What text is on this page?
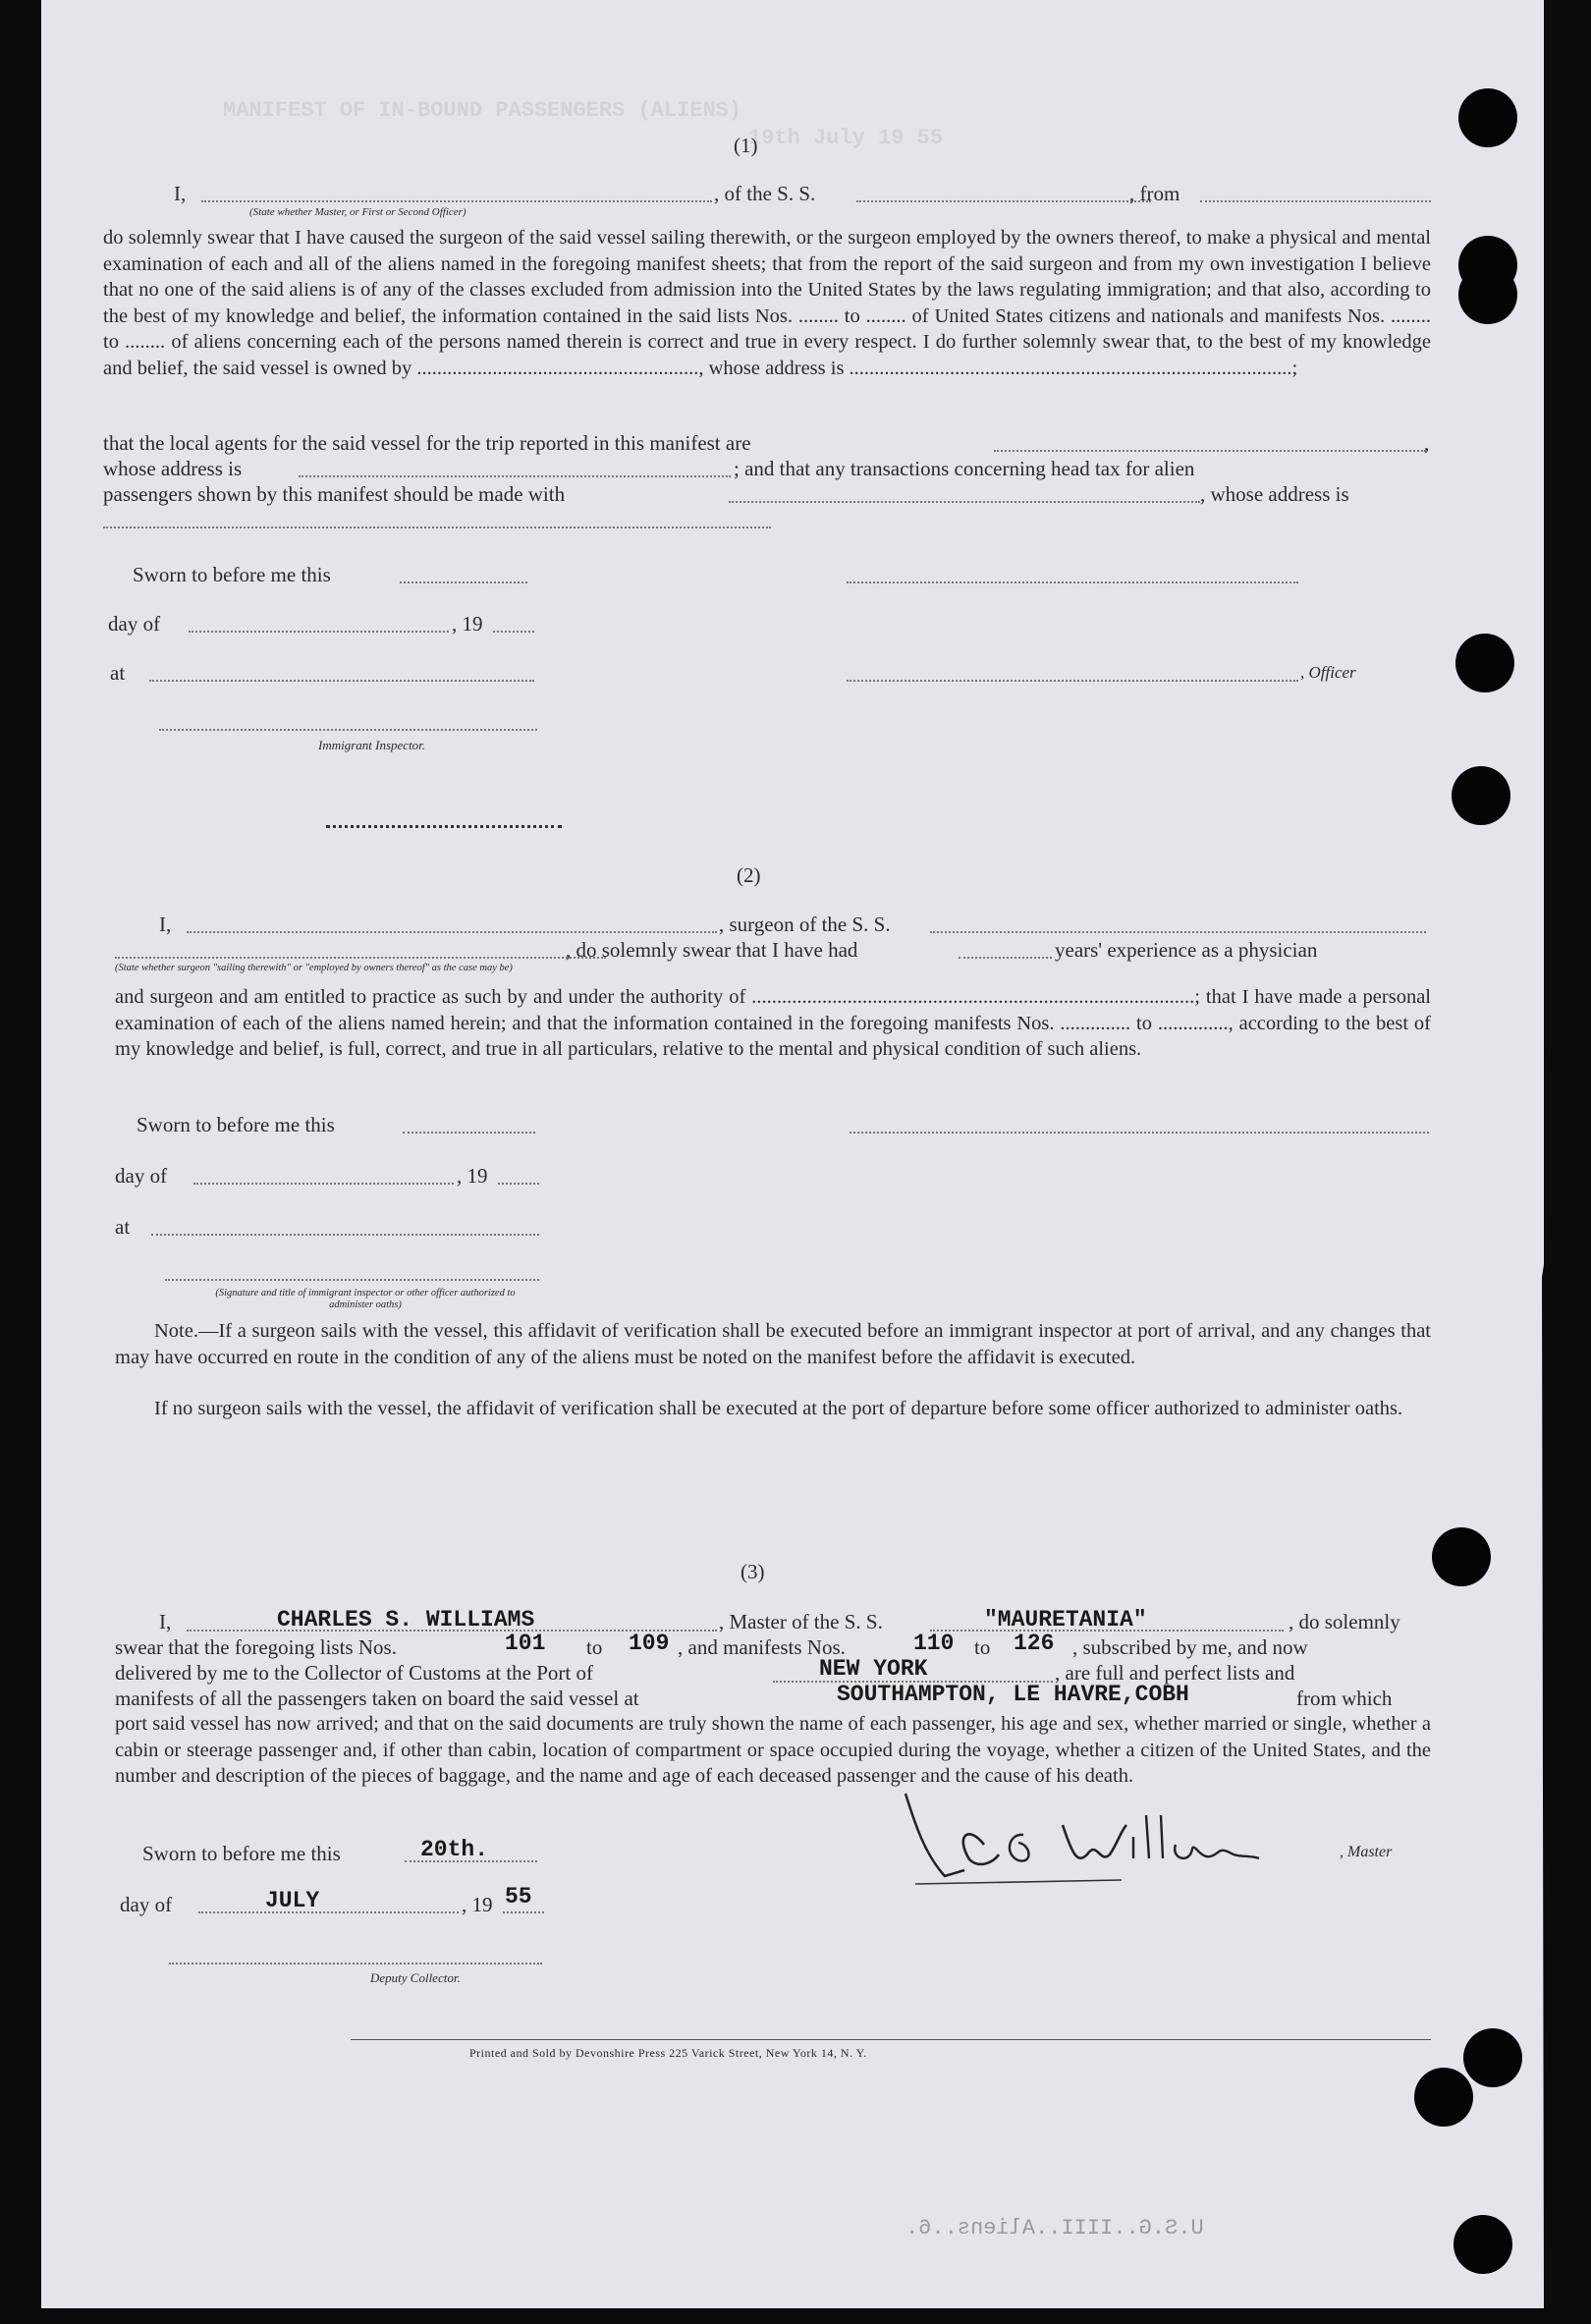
MANIFEST OF IN-BOUND PASSENGERS (ALIENS)
19th July 19 55
(1)
I,
(State whether Master, or First or Second Officer)
, of the S. S.	, from
do solemnly swear that I have caused the surgeon of the said vessel sailing therewith, or the surgeon employed by the owners thereof, to make a physical and mental examination of each and all of the aliens named in the foregoing manifest sheets; that from the report of the said surgeon and from my own investigation I believe that no one of the said aliens is of any of the classes excluded from admission into the United States by the laws regulating immigration; and that also, according to the best of my knowledge and belief, the information contained in the said lists Nos. ........ to ........ of United States citizens and nationals and manifests Nos. ........ to ........ of aliens concerning each of the persons named therein is correct and true in every respect. I do further solemnly swear that, to the best of my knowledge and belief, the said vessel is owned by ........................................................, whose address is ........................................................................................;
that the local agents for the said vessel for the trip reported in this manifest are	,
whose address is	; and that any transactions concerning head tax for alien
passengers shown by this manifest should be made with	, whose address is
Sworn to before me this
day of	, 19
at	, Officer
Immigrant Inspector.
(2)
I,	, surgeon of the S. S.
, do solemnly swear that I have had	years' experience as a physician
(State whether surgeon "sailing therewith" or "employed by owners thereof" as the case may be)
and surgeon and am entitled to practice as such by and under the authority of ........................................................................................; that I have made a personal examination of each of the aliens named herein; and that the information contained in the foregoing manifests Nos. .............. to .............., according to the best of my knowledge and belief, is full, correct, and true in all particulars, relative to the mental and physical condition of such aliens.
Sworn to before me this
day of	, 19
at
(Signature and title of immigrant inspector or other officer authorized to administer oaths)
Note.—If a surgeon sails with the vessel, this affidavit of verification shall be executed before an immigrant inspector at port of arrival, and any changes that may have occurred en route in the condition of any of the aliens must be noted on the manifest before the affidavit is executed.
If no surgeon sails with the vessel, the affidavit of verification shall be executed at the port of departure before some officer authorized to administer oaths.
(3)
I,	CHARLES S. WILLIAMS	, Master of the S. S.	"MAURETANIA"	, do solemnly
swear that the foregoing lists Nos.	101 to 109 , and manifests Nos.	110 to 126 , subscribed by me, and now
delivered by me to the Collector of Customs at the Port of	NEW YORK	, are full and perfect lists and
manifests of all the passengers taken on board the said vessel at	SOUTHAMPTON, LE HAVRE,COBH	from which
port said vessel has now arrived; and that on the said documents are truly shown the name of each passenger, his age and sex, whether married or single, whether a cabin or steerage passenger and, if other than cabin, location of compartment or space occupied during the voyage, whether a citizen of the United States, and the number and description of the pieces of baggage, and the name and age of each deceased passenger and the cause of his death.
Sworn to before me this	20th.
day of	JULY	, 19 55
, Master
Deputy Collector.
Printed and Sold by Devonshire Press 225 Varick Street, New York 14, N. Y.
U.S.G..IIII..Aliens..6.
